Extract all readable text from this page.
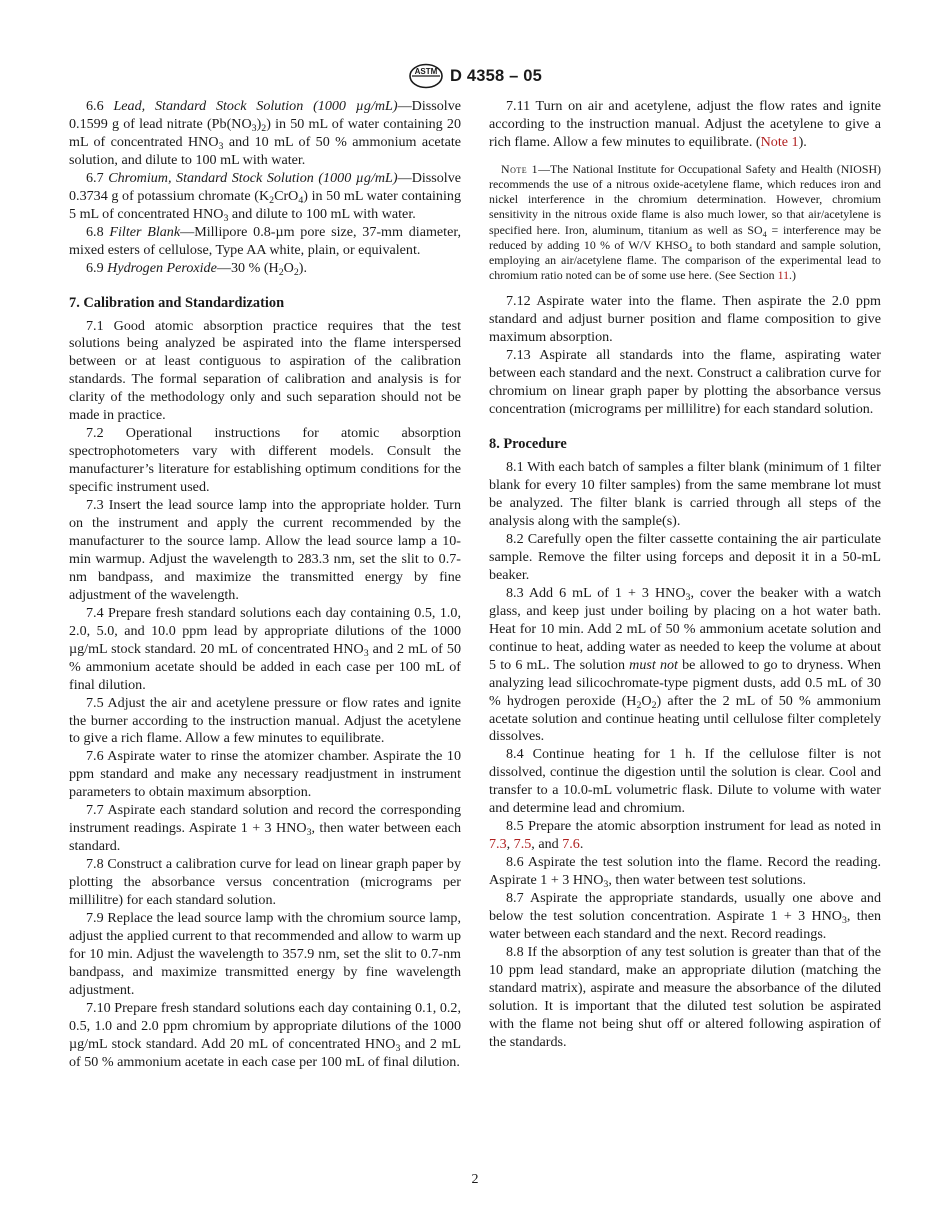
ASTM D 4358 – 05

6.6 Lead, Standard Stock Solution (1000 µg/mL)—Dissolve 0.1599 g of lead nitrate $(Pb(NO_3)_2)$ in 50 mL of water containing 20 mL of concentrated $HNO_3$ and 10 mL of 50 % ammonium acetate solution, and dilute to 100 mL with water.

6.7 Chromium, Standard Stock Solution (1000 µg/mL)—Dissolve 0.3734 g of potassium chromate $(K_2CrO_4)$ in 50 mL water containing 5 mL of concentrated $HNO_3$ and dilute to 100 mL with water.

6.8 Filter Blank—Millipore 0.8-µm pore size, 37-mm diameter, mixed esters of cellulose, Type AA white, plain, or equivalent.

6.9 Hydrogen Peroxide—30 % $(H_2O_2)$.

7. Calibration and Standardization

7.1 Good atomic absorption practice requires that the test solutions being analyzed be aspirated into the flame interspersed between or at least contiguous to aspiration of the calibration standards. The formal separation of calibration and analysis is for clarity of the methodology only and such separation should not be made in practice.

7.2 Operational instructions for atomic absorption spectrophotometers vary with different models. Consult the manufacturer’s literature for establishing optimum conditions for the specific instrument used.

7.3 Insert the lead source lamp into the appropriate holder. Turn on the instrument and apply the current recommended by the manufacturer to the source lamp. Allow the lead source lamp a 10-min warmup. Adjust the wavelength to 283.3 nm, set the slit to 0.7-nm bandpass, and maximize the transmitted energy by fine adjustment of the wavelength.

7.4 Prepare fresh standard solutions each day containing 0.5, 1.0, 2.0, 5.0, and 10.0 ppm lead by appropriate dilutions of the 1000 µg/mL stock standard. 20 mL of concentrated $HNO_3$ and 2 mL of 50 % ammonium acetate should be added in each case per 100 mL of final dilution.

7.5 Adjust the air and acetylene pressure or flow rates and ignite the burner according to the instruction manual. Adjust the acetylene to give a rich flame. Allow a few minutes to equilibrate.

7.6 Aspirate water to rinse the atomizer chamber. Aspirate the 10 ppm standard and make any necessary readjustment in instrument parameters to obtain maximum absorption.

7.7 Aspirate each standard solution and record the corresponding instrument readings. Aspirate 1 + 3 $HNO_3$, then water between each standard.

7.8 Construct a calibration curve for lead on linear graph paper by plotting the absorbance versus concentration (micrograms per millilitre) for each standard solution.

7.9 Replace the lead source lamp with the chromium source lamp, adjust the applied current to that recommended and allow to warm up for 10 min. Adjust the wavelength to 357.9 nm, set the slit to 0.7-nm bandpass, and maximize transmitted energy by fine wavelength adjustment.

7.10 Prepare fresh standard solutions each day containing 0.1, 0.2, 0.5, 1.0 and 2.0 ppm chromium by appropriate dilutions of the 1000 µg/mL stock standard. Add 20 mL of concentrated $HNO_3$ and 2 mL of 50 % ammonium acetate in each case per 100 mL of final dilution.

7.11 Turn on air and acetylene, adjust the flow rates and ignite according to the instruction manual. Adjust the acetylene to give a rich flame. Allow a few minutes to equilibrate. (Note 1).

Note 1—The National Institute for Occupational Safety and Health (NIOSH) recommends the use of a nitrous oxide-acetylene flame, which reduces iron and nickel interference in the chromium determination. However, chromium sensitivity in the nitrous oxide flame is also much lower, so that air/acetylene is specified here. Iron, aluminum, titanium as well as $SO_4$ = interference may be reduced by adding 10 % of W/V $KHSO_4$ to both standard and sample solution, employing an air/acetylene flame. The comparison of the experimental lead to chromium ratio noted can be of some use here. (See Section 11.)

7.12 Aspirate water into the flame. Then aspirate the 2.0 ppm standard and adjust burner position and flame composition to give maximum absorption.

7.13 Aspirate all standards into the flame, aspirating water between each standard and the next. Construct a calibration curve for chromium on linear graph paper by plotting the absorbance versus concentration (micrograms per millilitre) for each standard solution.

8. Procedure

8.1 With each batch of samples a filter blank (minimum of 1 filter blank for every 10 filter samples) from the same membrane lot must be analyzed. The filter blank is carried through all steps of the analysis along with the sample(s).

8.2 Carefully open the filter cassette containing the air particulate sample. Remove the filter using forceps and deposit it in a 50-mL beaker.

8.3 Add 6 mL of 1 + 3 $HNO_3$, cover the beaker with a watch glass, and keep just under boiling by placing on a hot water bath. Heat for 10 min. Add 2 mL of 50 % ammonium acetate solution and continue to heat, adding water as needed to keep the volume at about 5 to 6 mL. The solution must not be allowed to go to dryness. When analyzing lead silicochromate-type pigment dusts, add 0.5 mL of 30 % hydrogen peroxide $(H_2O_2)$ after the 2 mL of 50 % ammonium acetate solution and continue heating until cellulose filter completely dissolves.

8.4 Continue heating for 1 h. If the cellulose filter is not dissolved, continue the digestion until the solution is clear. Cool and transfer to a 10.0-mL volumetric flask. Dilute to volume with water and determine lead and chromium.

8.5 Prepare the atomic absorption instrument for lead as noted in 7.3, 7.5, and 7.6.

8.6 Aspirate the test solution into the flame. Record the reading. Aspirate 1 + 3 $HNO_3$, then water between test solutions.

8.7 Aspirate the appropriate standards, usually one above and below the test solution concentration. Aspirate 1 + 3 $HNO_3$, then water between each standard and the next. Record readings.

8.8 If the absorption of any test solution is greater than that of the 10 ppm lead standard, make an appropriate dilution (matching the standard matrix), aspirate and measure the absorbance of the diluted solution. It is important that the diluted test solution be aspirated with the flame not being shut off or altered following aspiration of the standards.

2
